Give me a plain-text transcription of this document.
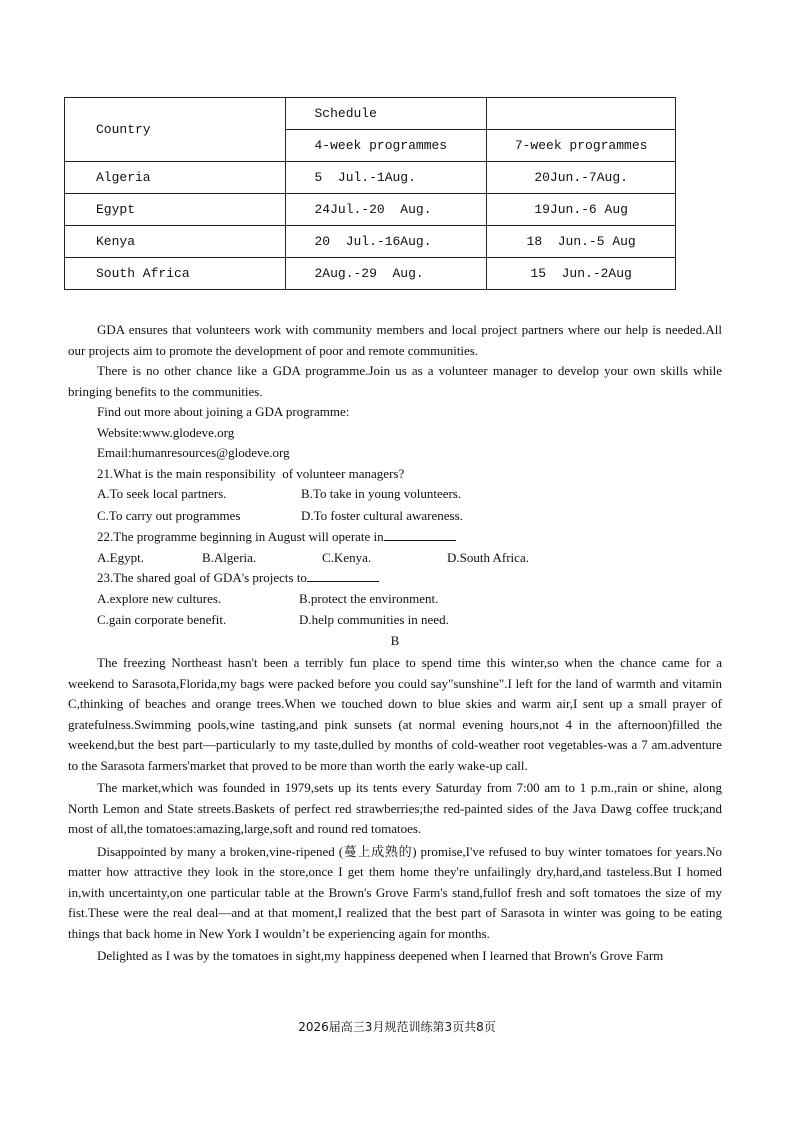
Country	Schedule	
	4-week programmes	7-week programmes
Algeria	5  Jul.-1Aug.	20Jun.-7Aug.
Egypt	24Jul.-20  Aug.	19Jun.-6 Aug
Kenya	20  Jul.-16Aug.	18  Jun.-5 Aug
South Africa	2Aug.-29  Aug.	15  Jun.-2Aug

GDA ensures that volunteers work with community members and local project partners where our help is needed.All our projects aim to promote the development of poor and remote communities.

There is no other chance like a GDA programme.Join us as a volunteer manager to develop your own skills while bringing benefits to the communities.

Find out more about joining a GDA programme:

Website:www.glodeve.org

Email:humanresources@glodeve.org

21.What is the main responsibility  of volunteer managers?

A.To seek local partners.	B.To take in young volunteers.
C.To carry out programmes	D.To foster cultural awareness.

22.The programme beginning in August will operate in

A.Egypt.	B.Algeria.	C.Kenya.	D.South Africa.

23.The shared goal of GDA's projects to

A.explore new cultures.	B.protect the environment.
C.gain corporate benefit.	D.help communities in need.

B

The freezing Northeast hasn't been a terribly fun place to spend time this winter,so when the chance came for a weekend to Sarasota,Florida,my bags were packed before you could say"sunshine".I left for the land of warmth and vitamin C,thinking of beaches and orange trees.When we touched down to blue skies and warm air,I sent up a small prayer of gratefulness.Swimming pools,wine tasting,and pink sunsets (at normal evening hours,not 4 in the afternoon)filled the weekend,but the best part—particularly to my taste,dulled by months of cold-weather root vegetables-was a 7 am.adventure to the Sarasota farmers'market that proved to be more than worth the early wake-up call.

The market,which was founded in 1979,sets up its tents every Saturday from 7:00 am to 1 p.m.,rain or shine, along North Lemon and State streets.Baskets of perfect red strawberries;the red-painted sides of the Java Dawg coffee truck;and most of all,the tomatoes:amazing,large,soft and round red tomatoes.

Disappointed by many a broken,vine-ripened (蔓上成熟的) promise,I've refused to buy winter tomatoes for years.No matter how attractive they look in the store,once I get them home they're unfailingly dry,hard,and tasteless.But I homed in,with uncertainty,on one particular table at the Brown's Grove Farm's stand,fullof fresh and soft tomatoes the size of my fist.These were the real deal—and at that moment,I realized that the best part of Sarasota in winter was going to be eating things that back home in New York I wouldn’t be experiencing again for months.

Delighted as I was by the tomatoes in sight,my happiness deepened when I learned that Brown's Grove Farm

2026届高三3月规范训练第3页共8页
